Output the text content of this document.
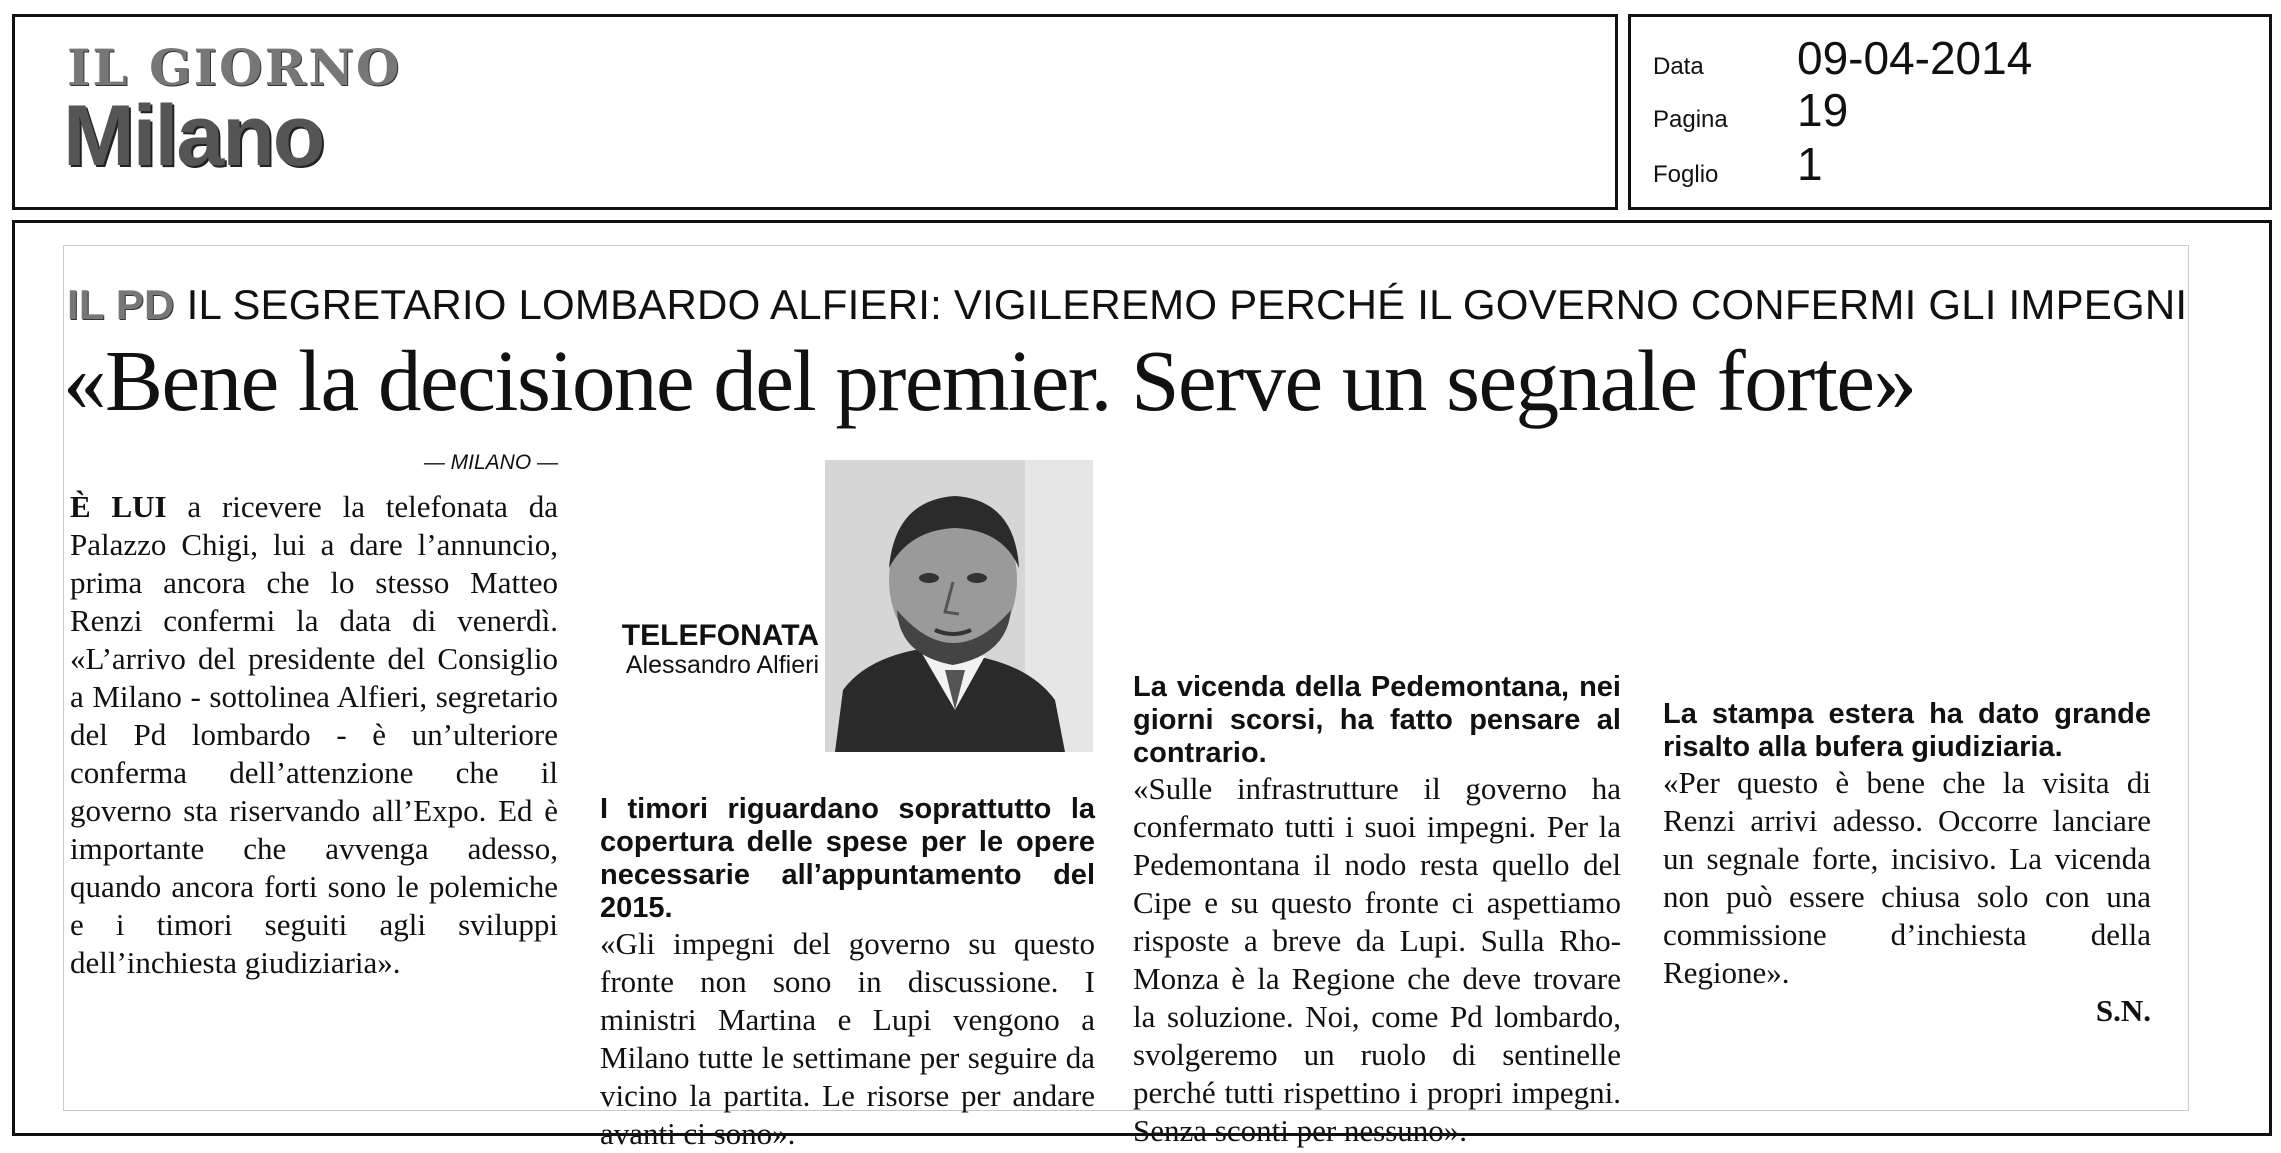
IL GIORNO
Milano
Data 09-04-2014
Pagina 19
Foglio 1
IL PD IL SEGRETARIO LOMBARDO ALFIERI: VIGILEREMO PERCHÉ IL GOVERNO CONFERMI GLI IMPEGNI
«Bene la decisione del premier. Serve un segnale forte»
— MILANO —

È LUI a ricevere la telefonata da Palazzo Chigi, lui a dare l’annuncio, prima ancora che lo stesso Matteo Renzi confermi la data di venerdì. «L’arrivo del presidente del Consiglio a Milano - sottolinea Alfieri, segretario del Pd lombardo - è un’ulteriore conferma dell’attenzione che il governo sta riservando all’Expo. Ed è importante che avvenga adesso, quando ancora forti sono le polemiche e i timori seguiti agli sviluppi dell’inchiesta giudiziaria».

TELEFONATA
Alessandro Alfieri

I timori riguardano soprattutto la copertura delle spese per le opere necessarie all’appuntamento del 2015.

«Gli impegni del governo su questo fronte non sono in discussione. I ministri Martina e Lupi vengono a Milano tutte le settimane per seguire da vicino la partita. Le risorse per andare avanti ci sono».

La vicenda della Pedemontana, nei giorni scorsi, ha fatto pensare al contrario.

«Sulle infrastrutture il governo ha confermato tutti i suoi impegni. Per la Pedemontana il nodo resta quello del Cipe e su questo fronte ci aspettiamo risposte a breve da Lupi. Sulla Rho-Monza è la Regione che deve trovare la soluzione. Noi, come Pd lombardo, svolgeremo un ruolo di sentinelle perché tutti rispettino i propri impegni. Senza sconti per nessuno».

La stampa estera ha dato grande risalto alla bufera giudiziaria.

«Per questo è bene che la visita di Renzi arrivi adesso. Occorre lanciare un segnale forte, incisivo. La vicenda non può essere chiusa solo con una commissione d’inchiesta della Regione».

S.N.
